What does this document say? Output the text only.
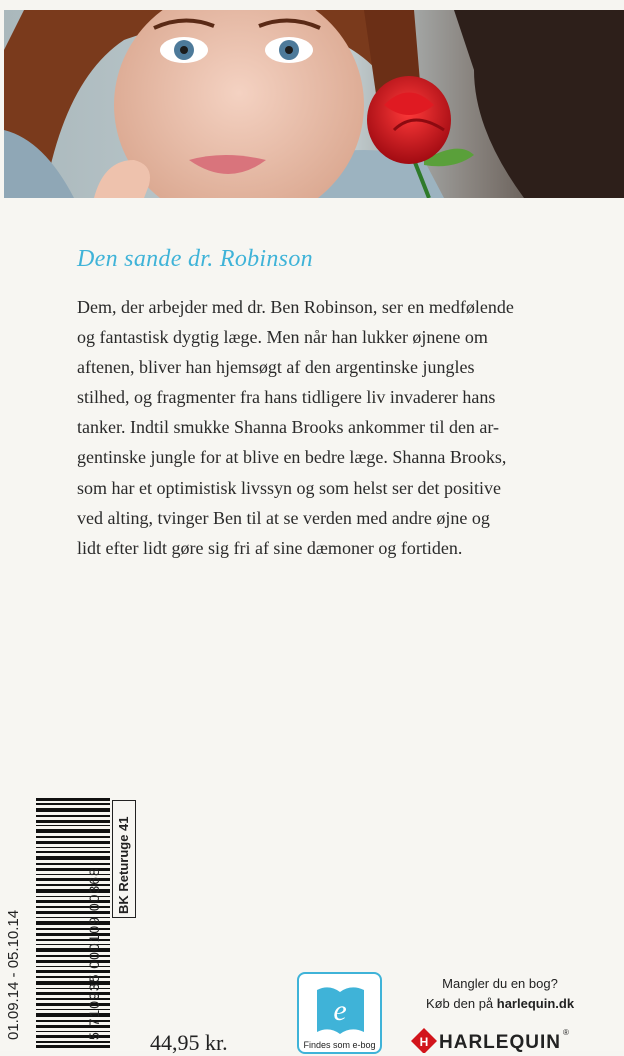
Den sande dr. Robinson
Dem, der arbejder med dr. Ben Robinson, ser en medfølende
og fantastisk dygtig læge. Men når han lukker øjnene om
aftenen, bliver han hjemsøgt af den argentinske jungles
stilhed, og fragmenter fra hans tidligere liv invaderer hans
tanker. Indtil smukke Shanna Brooks ankommer til den ar-
gentinske jungle for at blive en bedre læge. Shanna Brooks,
som har et optimistisk livssyn og som helst ser det positive
ved alting, tvinger Ben til at se verden med andre øjne og
lidt efter lidt gøre sig fri af sine dæmoner og fortiden.
01.09.14 - 05.10.14	5 710935 000109 00368
BK Returuge 41
44,95 kr.
e
Findes som e-bog
Mangler du en bog?
Køb den på harlequin.dk
H HARLEQUIN ®
